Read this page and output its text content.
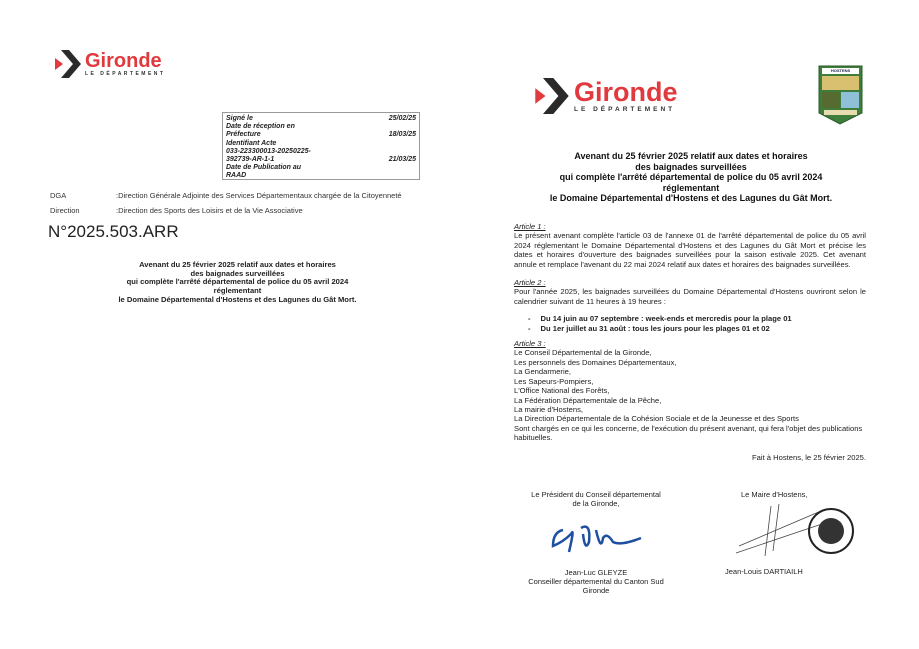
Gironde
LE DÉPARTEMENT
Signé le	25/02/25
Date de réception en
Préfecture	18/03/25
Identifiant Acte
033-223300013-20250225-
392739-AR-1-1	21/03/25
Date de Publication au
RAAD
DGA	:Direction Générale Adjointe des Services Départementaux chargée de la Citoyenneté
Direction	:Direction des Sports des Loisirs et de la Vie Associative
N°2025.503.ARR
Avenant du 25 février 2025 relatif aux dates et horaires
des baignades surveillées
qui complète l'arrêté départemental de police du 05 avril 2024
réglementant
le Domaine Départemental d'Hostens et des Lagunes du Gât Mort.
Gironde
LE DÉPARTEMENT
HOSTENS
Avenant du 25 février 2025 relatif aux dates et horaires
des baignades surveillées
qui complète l'arrêté départemental de police du 05 avril 2024
réglementant
le Domaine Départemental d'Hostens et des Lagunes du Gât Mort.
Article 1 :
Le présent avenant complète l'article 03 de l'annexe 01 de l'arrêté départemental de police du 05 avril 2024 réglementant le Domaine Départemental d'Hostens et des Lagunes du Gât Mort et précise les dates et horaires d'ouverture des baignades surveillées pour la saison estivale 2025. Cet avenant annule et remplace l'avenant du 22 mai 2024 relatif aux dates et horaires des baignades surveillées.
Article 2 :
Pour l'année 2025, les baignades surveillées du Domaine Départemental d'Hostens ouvriront selon le calendrier suivant de 11 heures à 19 heures :
- Du 14 juin au 07 septembre : week-ends et mercredis pour la plage 01
- Du 1er juillet au 31 août : tous les jours pour les plages 01 et 02
Article 3 :
Le Conseil Départemental de la Gironde,
Les personnels des Domaines Départementaux,
La Gendarmerie,
Les Sapeurs-Pompiers,
L'Office National des Forêts,
La Fédération Départementale de la Pêche,
La mairie d'Hostens,
La Direction Départementale de la Cohésion Sociale et de la Jeunesse et des Sports
Sont chargés en ce qui les concerne, de l'exécution du présent avenant, qui fera l'objet des publications habituelles.
Fait à Hostens, le 25 février 2025.
Le Président du Conseil départemental
de la Gironde,
Jean-Luc GLEYZE
Conseiller départemental du Canton Sud
Gironde
Le Maire d'Hostens,
Jean-Louis DARTIAILH
